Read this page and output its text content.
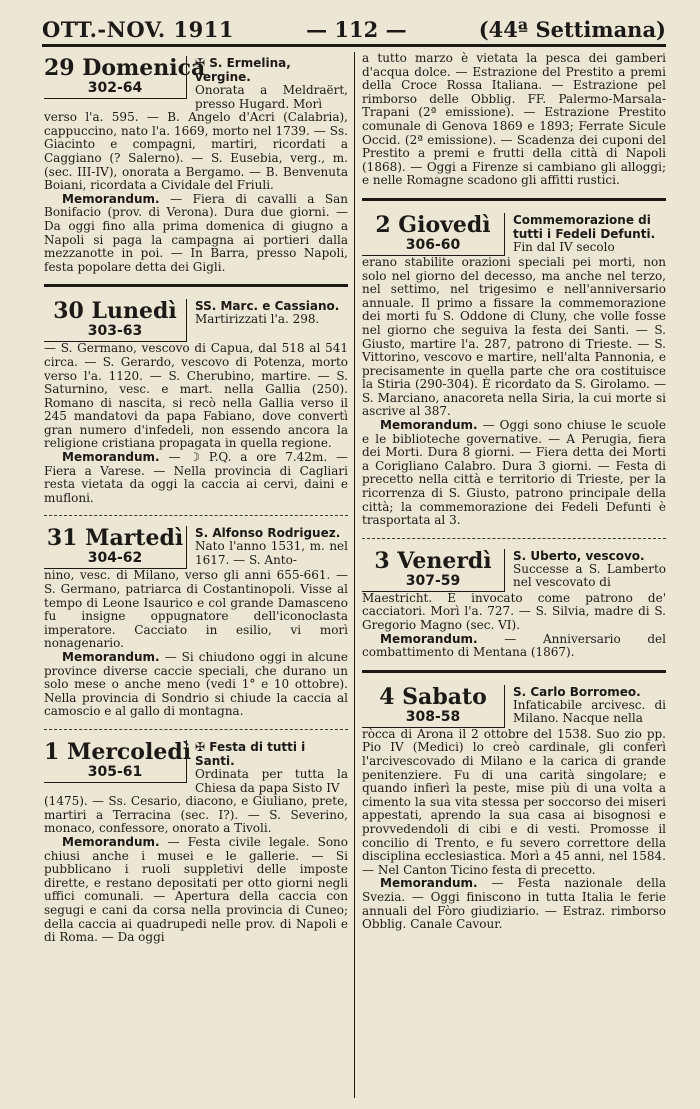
OTT.-NOV. 1911	— 112 —	(44ª Settimana)
29 Domenica
302-64
✠ S. Ermelina, vergine.
Onorata a Meldraërt, presso Hugard. Morì

verso l'a. 595. — B. Angelo d'Acri (Calabria), cappuccino, nato l'a. 1669, morto nel 1739. — Ss. Giacinto e compagni, martiri, ricordati a Caggiano (? Salerno). — S. Eusebia, verg., m. (sec. III-IV), onorata a Bergamo. — B. Benvenuta Boiani, ricordata a Cividale del Friuli.

Memorandum. — Fiera di cavalli a San Bonifacio (prov. di Verona). Dura due giorni. — Da oggi fino alla prima domenica di giugno a Napoli si paga la campagna ai portieri dalla mezzanotte in poi. — In Barra, presso Napoli, festa popolare detta dei Gigli.

30 Lunedì
303-63
SS. Marc. e Cassiano.
Martirizzati l'a. 298.

— S. Germano, vescovo di Capua, dal 518 al 541 circa. — S. Gerardo, vescovo di Potenza, morto verso l'a. 1120. — S. Cherubino, martire. — S. Saturnino, vesc. e mart. nella Gallia (250). Romano di nascita, si recò nella Gallia verso il 245 mandatovi da papa Fabiano, dove convertì gran numero d'infedeli, non essendo ancora la religione cristiana propagata in quella regione.

Memorandum. — ☽ P.Q. a ore 7.42m. — Fiera a Varese. — Nella provincia di Cagliari resta vietata da oggi la caccia ai cervi, daini e mufloni.

31 Martedì
304-62
S. Alfonso Rodriguez.
Nato l'anno 1531, m. nel 1617. — S. Anto-

nino, vesc. di Milano, verso gli anni 655-661. — S. Germano, patriarca di Costantinopoli. Visse al tempo di Leone Isaurico e col grande Damasceno fu insigne oppugnatore dell'iconoclasta imperatore. Cacciato in esilio, vi morì nonagenario.

Memorandum. — Si chiudono oggi in alcune province diverse caccie speciali, che durano un solo mese o anche meno (vedi 1° e 10 ottobre). Nella provincia di Sondrio si chiude la caccia al camoscio e al gallo di montagna.

1 Mercoledì
305-61
✠ Festa di tutti i Santi.
Ordinata per tutta la Chiesa da papa Sisto IV

(1475). — Ss. Cesario, diacono, e Giuliano, prete, martiri a Terracina (sec. I?). — S. Severino, monaco, confessore, onorato a Tivoli.

Memorandum. — Festa civile legale. Sono chiusi anche i musei e le gallerie. — Si pubblicano i ruoli suppletivi delle imposte dirette, e restano depositati per otto giorni negli uffici comunali. — Apertura della caccia con segugi e cani da corsa nella provincia di Cuneo; della caccia ai quadrupedi nelle prov. di Napoli e di Roma. — Da oggi

a tutto marzo è vietata la pesca dei gamberi d'acqua dolce. — Estrazione del Prestito a premi della Croce Rossa Italiana. — Estrazione pel rimborso delle Obblig. FF. Palermo-Marsala-Trapani (2ª emissione). — Estrazione Prestito comunale di Genova 1869 e 1893; Ferrate Sicule Occid. (2ª emissione). — Scadenza dei cuponi del Prestito a premi e frutti della città di Napoli (1868). — Oggi a Firenze si cambiano gli alloggi; e nelle Romagne scadono gli affitti rustici.

2 Giovedì
306-60
Commemorazione di tutti i Fedeli Defunti.
Fin dal IV secolo

erano stabilite orazioni speciali pei morti, non solo nel giorno del decesso, ma anche nel terzo, nel settimo, nel trigesimo e nell'anniversario annuale. Il primo a fissare la commemorazione dei morti fu S. Oddone di Cluny, che volle fosse nel giorno che seguiva la festa dei Santi. — S. Giusto, martire l'a. 287, patrono di Trieste. — S. Vittorino, vescovo e martire, nell'alta Pannonia, e precisamente in quella parte che ora costituisce la Stiria (290-304). È ricordato da S. Girolamo. — S. Marciano, anacoreta nella Siria, la cui morte si ascrive al 387.

Memorandum. — Oggi sono chiuse le scuole e le biblioteche governative. — A Perugia, fiera dei Morti. Dura 8 giorni. — Fiera detta dei Morti a Corigliano Calabro. Dura 3 giorni. — Festa di precetto nella città e territorio di Trieste, per la ricorrenza di S. Giusto, patrono principale della città; la commemorazione dei Fedeli Defunti è trasportata al 3.

3 Venerdì
307-59
S. Uberto, vescovo.
Successe a S. Lamberto nel vescovato di

Maestricht. È invocato come patrono de' cacciatori. Morì l'a. 727. — S. Silvia, madre di S. Gregorio Magno (sec. VI).

Memorandum. — Anniversario del combattimento di Mentana (1867).

4 Sabato
308-58
S. Carlo Borromeo.
Infaticabile arcivesc. di Milano. Nacque nella

ròcca di Arona il 2 ottobre del 1538. Suo zio pp. Pio IV (Medici) lo creò cardinale, gli conferì l'arcivescovado di Milano e la carica di grande penitenziere. Fu di una carità singolare; e quando infierì la peste, mise più di una volta a cimento la sua vita stessa per soccorso dei miseri appestati, aprendo la sua casa ai bisognosi e provvedendoli di cibi e di vesti. Promosse il concilio di Trento, e fu severo correttore della disciplina ecclesiastica. Morì a 45 anni, nel 1584. — Nel Canton Ticino festa di precetto.

Memorandum. — Festa nazionale della Svezia. — Oggi finiscono in tutta Italia le ferie annuali del Fòro giudiziario. — Estraz. rimborso Obblig. Canale Cavour.
